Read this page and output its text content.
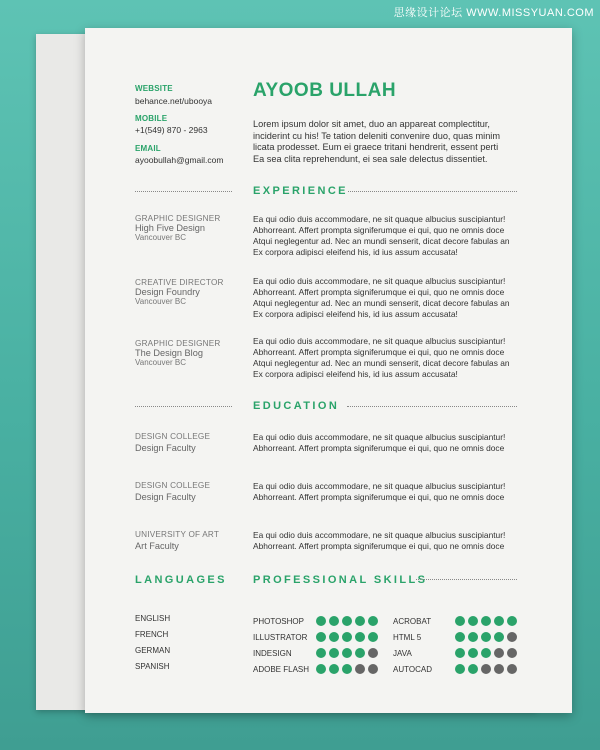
思缘设计论坛 WWW.MISSYUAN.COM
WEBSITE
behance.net/ubooya
MOBILE
+1(549) 870 - 2963
EMAIL
ayoobullah@gmail.com
AYOOB ULLAH
Lorem ipsum dolor sit amet, duo an appareat complectitur,
inciderint cu his! Te tation deleniti convenire duo, quas minim
licata prodesset. Eum ei graece tritani hendrerit, essent perti
Ea sea clita reprehendunt, ei sea sale delectus dissentiet.
EXPERIENCE
GRAPHIC DESIGNER
High Five Design
Vancouver BC
Ea qui odio duis accommodare, ne sit quaque albucius suscipiantur!
Abhorreant. Affert prompta signiferumque ei qui, quo ne omnis doce
Atqui neglegentur ad. Nec an mundi senserit, dicat decore fabulas an
Ex corpora adipisci eleifend his, id ius assum accusata!
CREATIVE DIRECTOR
Design Foundry
Vancouver BC
Ea qui odio duis accommodare, ne sit quaque albucius suscipiantur!
Abhorreant. Affert prompta signiferumque ei qui, quo ne omnis doce
Atqui neglegentur ad. Nec an mundi senserit, dicat decore fabulas an
Ex corpora adipisci eleifend his, id ius assum accusata!
GRAPHIC DESIGNER
The Design Blog
Vancouver BC
Ea qui odio duis accommodare, ne sit quaque albucius suscipiantur!
Abhorreant. Affert prompta signiferumque ei qui, quo ne omnis doce
Atqui neglegentur ad. Nec an mundi senserit, dicat decore fabulas an
Ex corpora adipisci eleifend his, id ius assum accusata!
EDUCATION
DESIGN COLLEGE
Design Faculty
Ea qui odio duis accommodare, ne sit quaque albucius suscipiantur!
Abhorreant. Affert prompta signiferumque ei qui, quo ne omnis doce
DESIGN COLLEGE
Design Faculty
Ea qui odio duis accommodare, ne sit quaque albucius suscipiantur!
Abhorreant. Affert prompta signiferumque ei qui, quo ne omnis doce
UNIVERSITY OF ART
Art Faculty
Ea qui odio duis accommodare, ne sit quaque albucius suscipiantur!
Abhorreant. Affert prompta signiferumque ei qui, quo ne omnis doce
LANGUAGES
ENGLISH
FRENCH
GERMAN
SPANISH
PROFESSIONAL SKILLS
PHOTOSHOP
ILLUSTRATOR
INDESIGN
ADOBE FLASH
ACROBAT
HTML 5
JAVA
AUTOCAD
